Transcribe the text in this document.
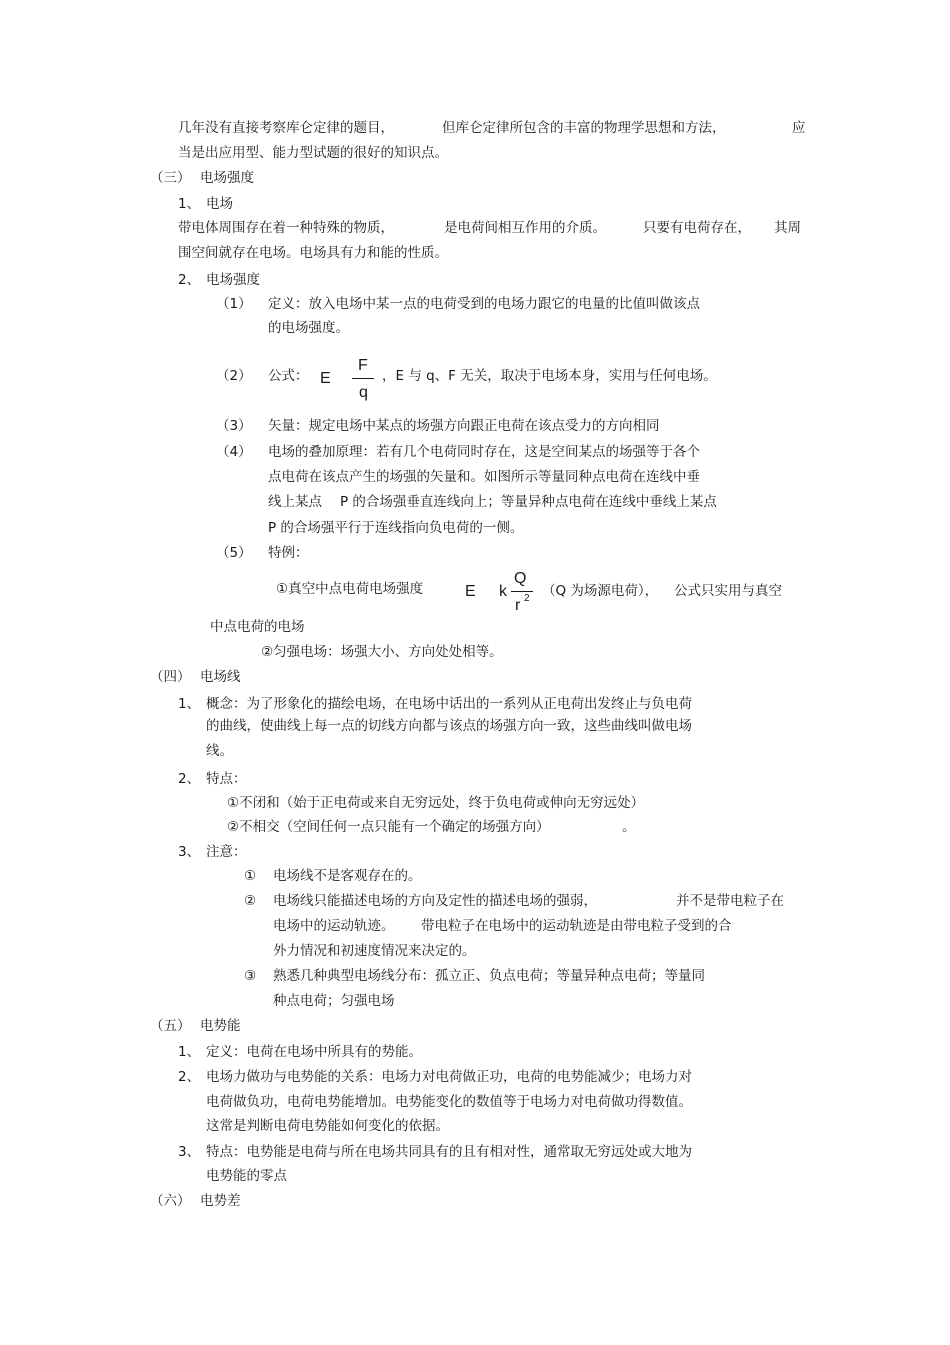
几年没有直接考察库仑定律的题目，	但库仑定律所包含的丰富的物理学思想和方法，	应
当是出应用型、能力型试题的很好的知识点。
（三） 电场强度
1、 电场
带电体周围存在着一种特殊的物质，	是电荷间相互作用的介质。	只要有电荷存在， 其周
围空间就存在电场。电场具有力和能的性质。
2、 电场强度
（1） 定义：放入电场中某一点的电荷受到的电场力跟它的电量的比值叫做该点
的电场强度。
（2） 公式： E
F
q
，E 与 q、F 无关，取决于电场本身，实用与任何电场。
（3） 矢量：规定电场中某点的场强方向跟正电荷在该点受力的方向相同
（4） 电场的叠加原理：若有几个电荷同时存在，这是空间某点的场强等于各个
点电荷在该点产生的场强的矢量和。如图所示等量同种点电荷在连线中垂
线上某点 P 的合场强垂直连线向上；等量异种点电荷在连线中垂线上某点
P 的合场强平行于连线指向负电荷的一侧。
（5） 特例：
①真空中点电荷电场强度	E k
Q
r 2 （Q 为场源电荷）， 公式只实用与真空
中点电荷的电场
②匀强电场：场强大小、方向处处相等。
（四） 电场线
1、 概念：为了形象化的描绘电场，在电场中话出的一系列从正电荷出发终止与负电荷
的曲线，使曲线上每一点的切线方向都与该点的场强方向一致，这些曲线叫做电场
线。
2、 特点：
①不闭和（始于正电荷或来自无穷远处，终于负电荷或伸向无穷远处）
②不相交（空间任何一点只能有一个确定的场强方向）	。
3、 注意：
① 电场线不是客观存在的。
② 电场线只能描述电场的方向及定性的描述电场的强弱，	并不是带电粒子在
电场中的运动轨迹。 带电粒子在电场中的运动轨迹是由带电粒子受到的合
外力情况和初速度情况来决定的。
③ 熟悉几种典型电场线分布：孤立正、负点电荷；等量异种点电荷；等量同
种点电荷；匀强电场
（五） 电势能
1、 定义：电荷在电场中所具有的势能。
2、 电场力做功与电势能的关系：电场力对电荷做正功，电荷的电势能减少；电场力对
电荷做负功，电荷电势能增加。电势能变化的数值等于电场力对电荷做功得数值。
这常是判断电荷电势能如何变化的依据。
3、 特点：电势能是电荷与所在电场共同具有的且有相对性，通常取无穷远处或大地为
电势能的零点
（六） 电势差
